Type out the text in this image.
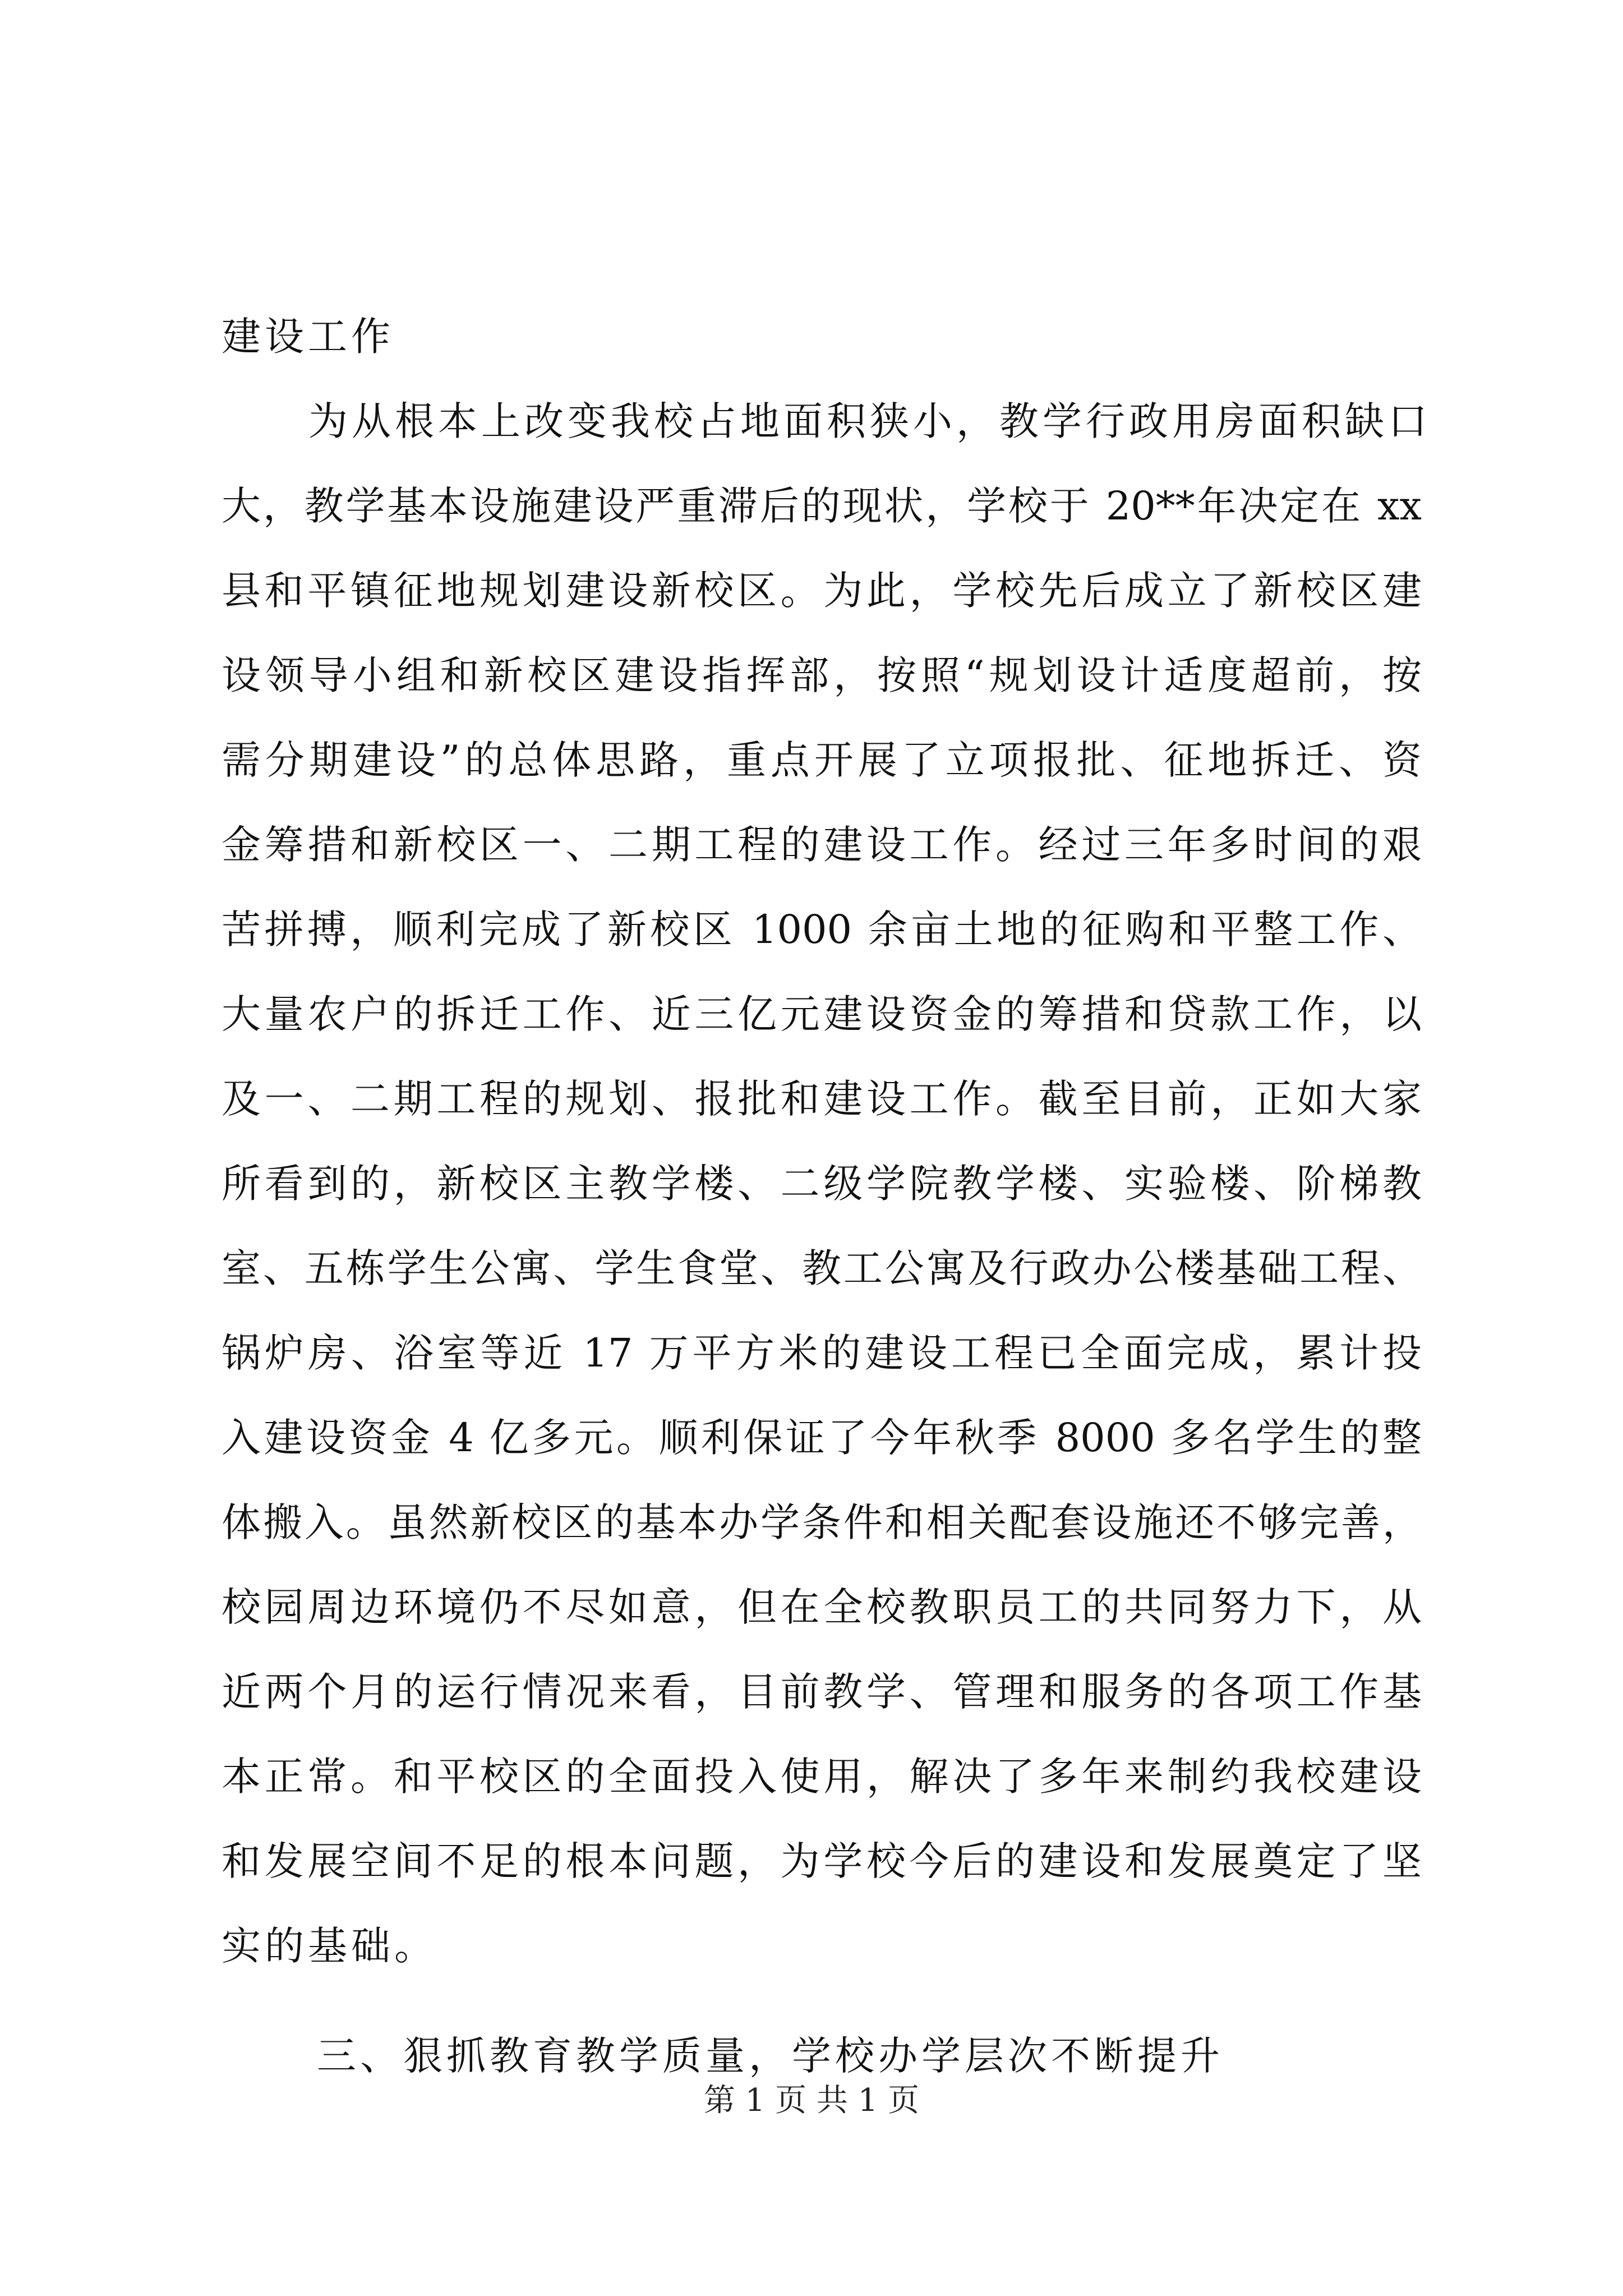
建设工作
为从根本上改变我校占地面积狭小，教学行政用房面积缺口
大，教学基本设施建设严重滞后的现状，学校于 20**年决定在 xx
县和平镇征地规划建设新校区。为此，学校先后成立了新校区建
设领导小组和新校区建设指挥部，按照“规划设计适度超前，按
需分期建设”的总体思路，重点开展了立项报批、征地拆迁、资
金筹措和新校区一、二期工程的建设工作。经过三年多时间的艰
苦拼搏，顺利完成了新校区 1000 余亩土地的征购和平整工作、
大量农户的拆迁工作、近三亿元建设资金的筹措和贷款工作，以
及一、二期工程的规划、报批和建设工作。截至目前，正如大家
所看到的，新校区主教学楼、二级学院教学楼、实验楼、阶梯教
室、五栋学生公寓、学生食堂、教工公寓及行政办公楼基础工程、
锅炉房、浴室等近 17 万平方米的建设工程已全面完成，累计投
入建设资金 4 亿多元。顺利保证了今年秋季 8000 多名学生的整
体搬入。虽然新校区的基本办学条件和相关配套设施还不够完善，
校园周边环境仍不尽如意，但在全校教职员工的共同努力下，从
近两个月的运行情况来看，目前教学、管理和服务的各项工作基
本正常。和平校区的全面投入使用，解决了多年来制约我校建设
和发展空间不足的根本问题，为学校今后的建设和发展奠定了坚
实的基础。
三、狠抓教育教学质量，学校办学层次不断提升
第 1 页 共 1 页
